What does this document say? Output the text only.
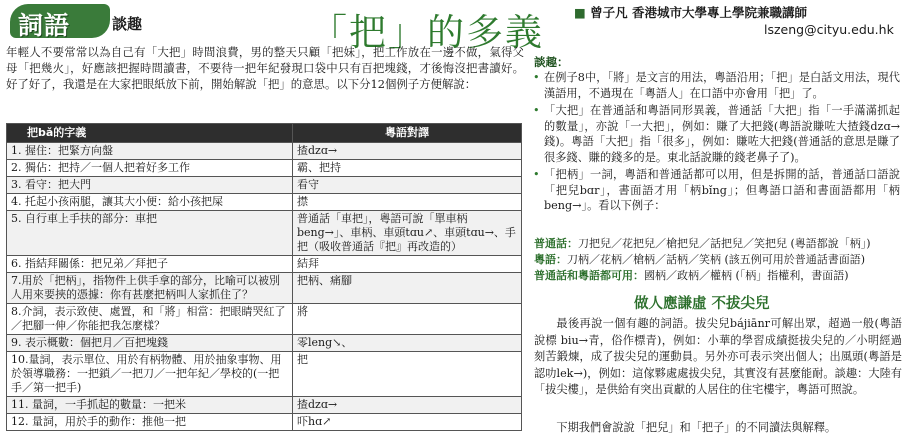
詞語	談趣	「把」的多義 ■ 曾子凡 香港城市大學專上學院兼職講師
lszeng@cityu.edu.hk
年輕人不要常常以為自己有「大把」時間浪費，男的整天只顧「把妹」，把工作放在一邊不做，氣得父母「把幾火」，好應該把握時間讀書，不要待一把年紀發現口袋中只有百把塊錢，才後悔沒把書讀好。好了好了，我還是在大家把眼紙放下前，開始解說「把」的意思。以下分12個例子方便解說：
把bǎ的字義	粵語對譯
1. 握住：把緊方向盤	揸dzɑ→
2. 獨佔：把持／一個人把着好多工作	霸、把持
3. 看守：把大門	看守
4. 托起小孩兩腿，讓其大小便：給小孩把屎	㩒
5. 自行車上手扶的部分：車把	普通話「車把」，粵語可說「單車柄beng→」、車柄、車頭tɑu↗、車頭tɑu→、手把（吸收普通話『把』再改造的）
6. 指結拜關係：把兄弟／拜把子	結拜
7.用於「把柄」，指物件上供手拿的部分，比喻可以被別人用來要挾的憑據：你有甚麼把柄叫人家抓住了？	把柄、痛腳
8.介詞，表示致使、處置，和「將」相當：把眼睛哭紅了／把腳一伸／你能把我怎麼樣？	將
9. 表示概數：個把月／百把塊錢	零leng↘、
10.量詞，表示單位、用於有柄物體、用於抽象事物、用於領導職務：一把鎖／一把刀／一把年紀／學校的(一把手／第一把手)	把
11. 量詞，一手抓起的數量：一把米	揸dzɑ→
12. 量詞，用於手的動作：推他一把	吓hɑ↗
談趣：
• 在例子8中，「將」是文言的用法，粵語沿用；「把」是白話文用法，現代漢語用，不過現在「粵語人」在口語中亦會用「把」了。
• 「大把」在普通話和粵語同形異義，普通話「大把」指「一手滿滿抓起的數量」，亦說「一大把」，例如：賺了大把錢(粵語說賺咗大揸錢dzɑ→錢)。粵語「大把」指「很多」，例如：賺咗大把錢(普通話的意思是賺了很多錢、賺的錢多的是。東北話說賺的錢老鼻子了)。
• 「把柄」一詞，粵語和普通話都可以用，但是拆開的話，普通話口語說「把兒bɑr」，書面語才用「柄bǐng」；但粵語口語和書面語都用「柄beng→」。看以下例子：
普通話：刀把兒／花把兒／槍把兒／話把兒／笑把兒 (粵語都說「柄」)
粵語：刀柄／花柄／槍柄／話柄／笑柄 (該五例可用於普通話書面語)
普通話和粵語都可用：國柄／政柄／權柄 (「柄」指權利，書面語)
做人應謙虛 不拔尖兒
最後再說一個有趣的詞語。拔尖兒bájiānr可解出眾，超過一般(粵語說標 biu→青，俗作標青)，例如：小華的學習成績挺拔尖兒的／小明經過刻苦鍛煉，成了拔尖兒的運動員。另外亦可表示突出個人；出風頭(粵語是認叻lek→)，例如：這傢夥處處拔尖兒，其實沒有甚麼能耐。談趣：大陸有「拔尖樓」，是供給有突出貢獻的人居住的住宅樓宇，粵語可照說。
下期我們會說說「把兒」和「把子」的不同讀法與解釋。
